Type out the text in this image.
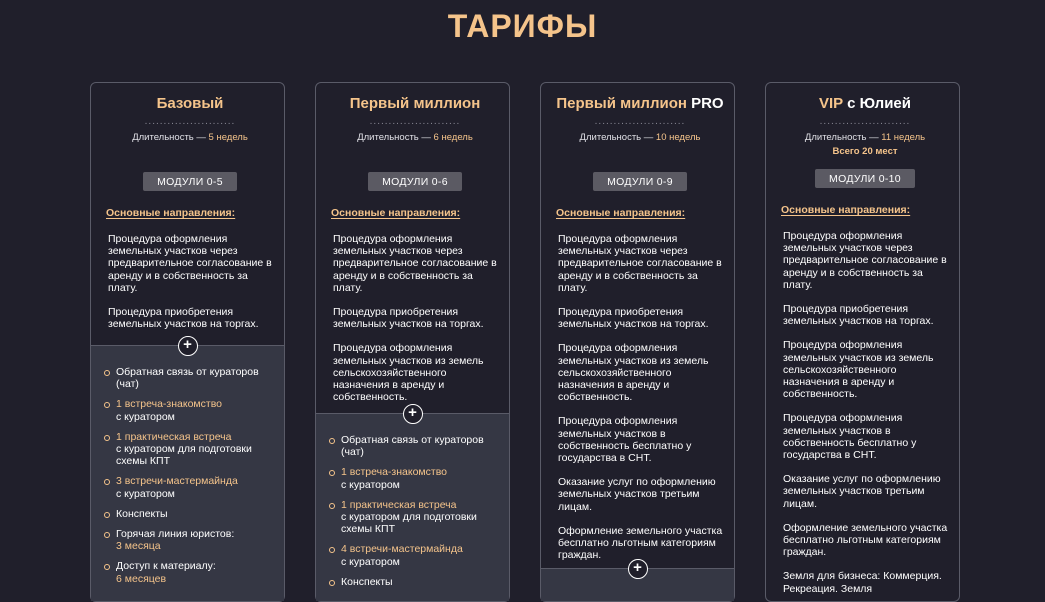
ТАРИФЫ
Базовый
........................
Длительность — 5 недель
МОДУЛИ 0-5
Основные направления:
Процедура оформления земельных участков через предварительное согласование в аренду и в собственность за плату.
Процедура приобретения земельных участков на торгах.
+
Обратная связь от кураторов (чат)
1 встреча-знакомство
с куратором
1 практическая встреча
с куратором для подготовки схемы КПТ
3 встречи-мастермайнда
с куратором
Конспекты
Горячая линия юристов:
3 месяца
Доступ к материалу:
6 месяцев
Первый миллион
........................
Длительность — 6 недель
МОДУЛИ 0-6
Основные направления:
Процедура оформления земельных участков через предварительное согласование в аренду и в собственность за плату.
Процедура приобретения земельных участков на торгах.
Процедура оформления земельных участков из земель сельскохозяйственного назначения в аренду и собственность.
+
Обратная связь от кураторов (чат)
1 встреча-знакомство
с куратором
1 практическая встреча
с куратором для подготовки схемы КПТ
4 встречи-мастермайнда
с куратором
Конспекты
Первый миллион PRO
........................
Длительность — 10 недель
МОДУЛИ 0-9
Основные направления:
Процедура оформления земельных участков через предварительное согласование в аренду и в собственность за плату.
Процедура приобретения земельных участков на торгах.
Процедура оформления земельных участков из земель сельскохозяйственного назначения в аренду и собственность.
Процедура оформления земельных участков в собственность бесплатно у государства в СНТ.
Оказание услуг по оформлению земельных участков третьим лицам.
Оформление земельного участка бесплатно льготным категориям граждан.
+
VIP с Юлией
........................
Длительность — 11 недель
Всего 20 мест
МОДУЛИ 0-10
Основные направления:
Процедура оформления земельных участков через предварительное согласование в аренду и в собственность за плату.
Процедура приобретения земельных участков на торгах.
Процедура оформления земельных участков из земель сельскохозяйственного назначения в аренду и собственность.
Процедура оформления земельных участков в собственность бесплатно у государства в СНТ.
Оказание услуг по оформлению земельных участков третьим лицам.
Оформление земельного участка бесплатно льготным категориям граждан.
Земля для бизнеса: Коммерция. Рекреация. Земля
